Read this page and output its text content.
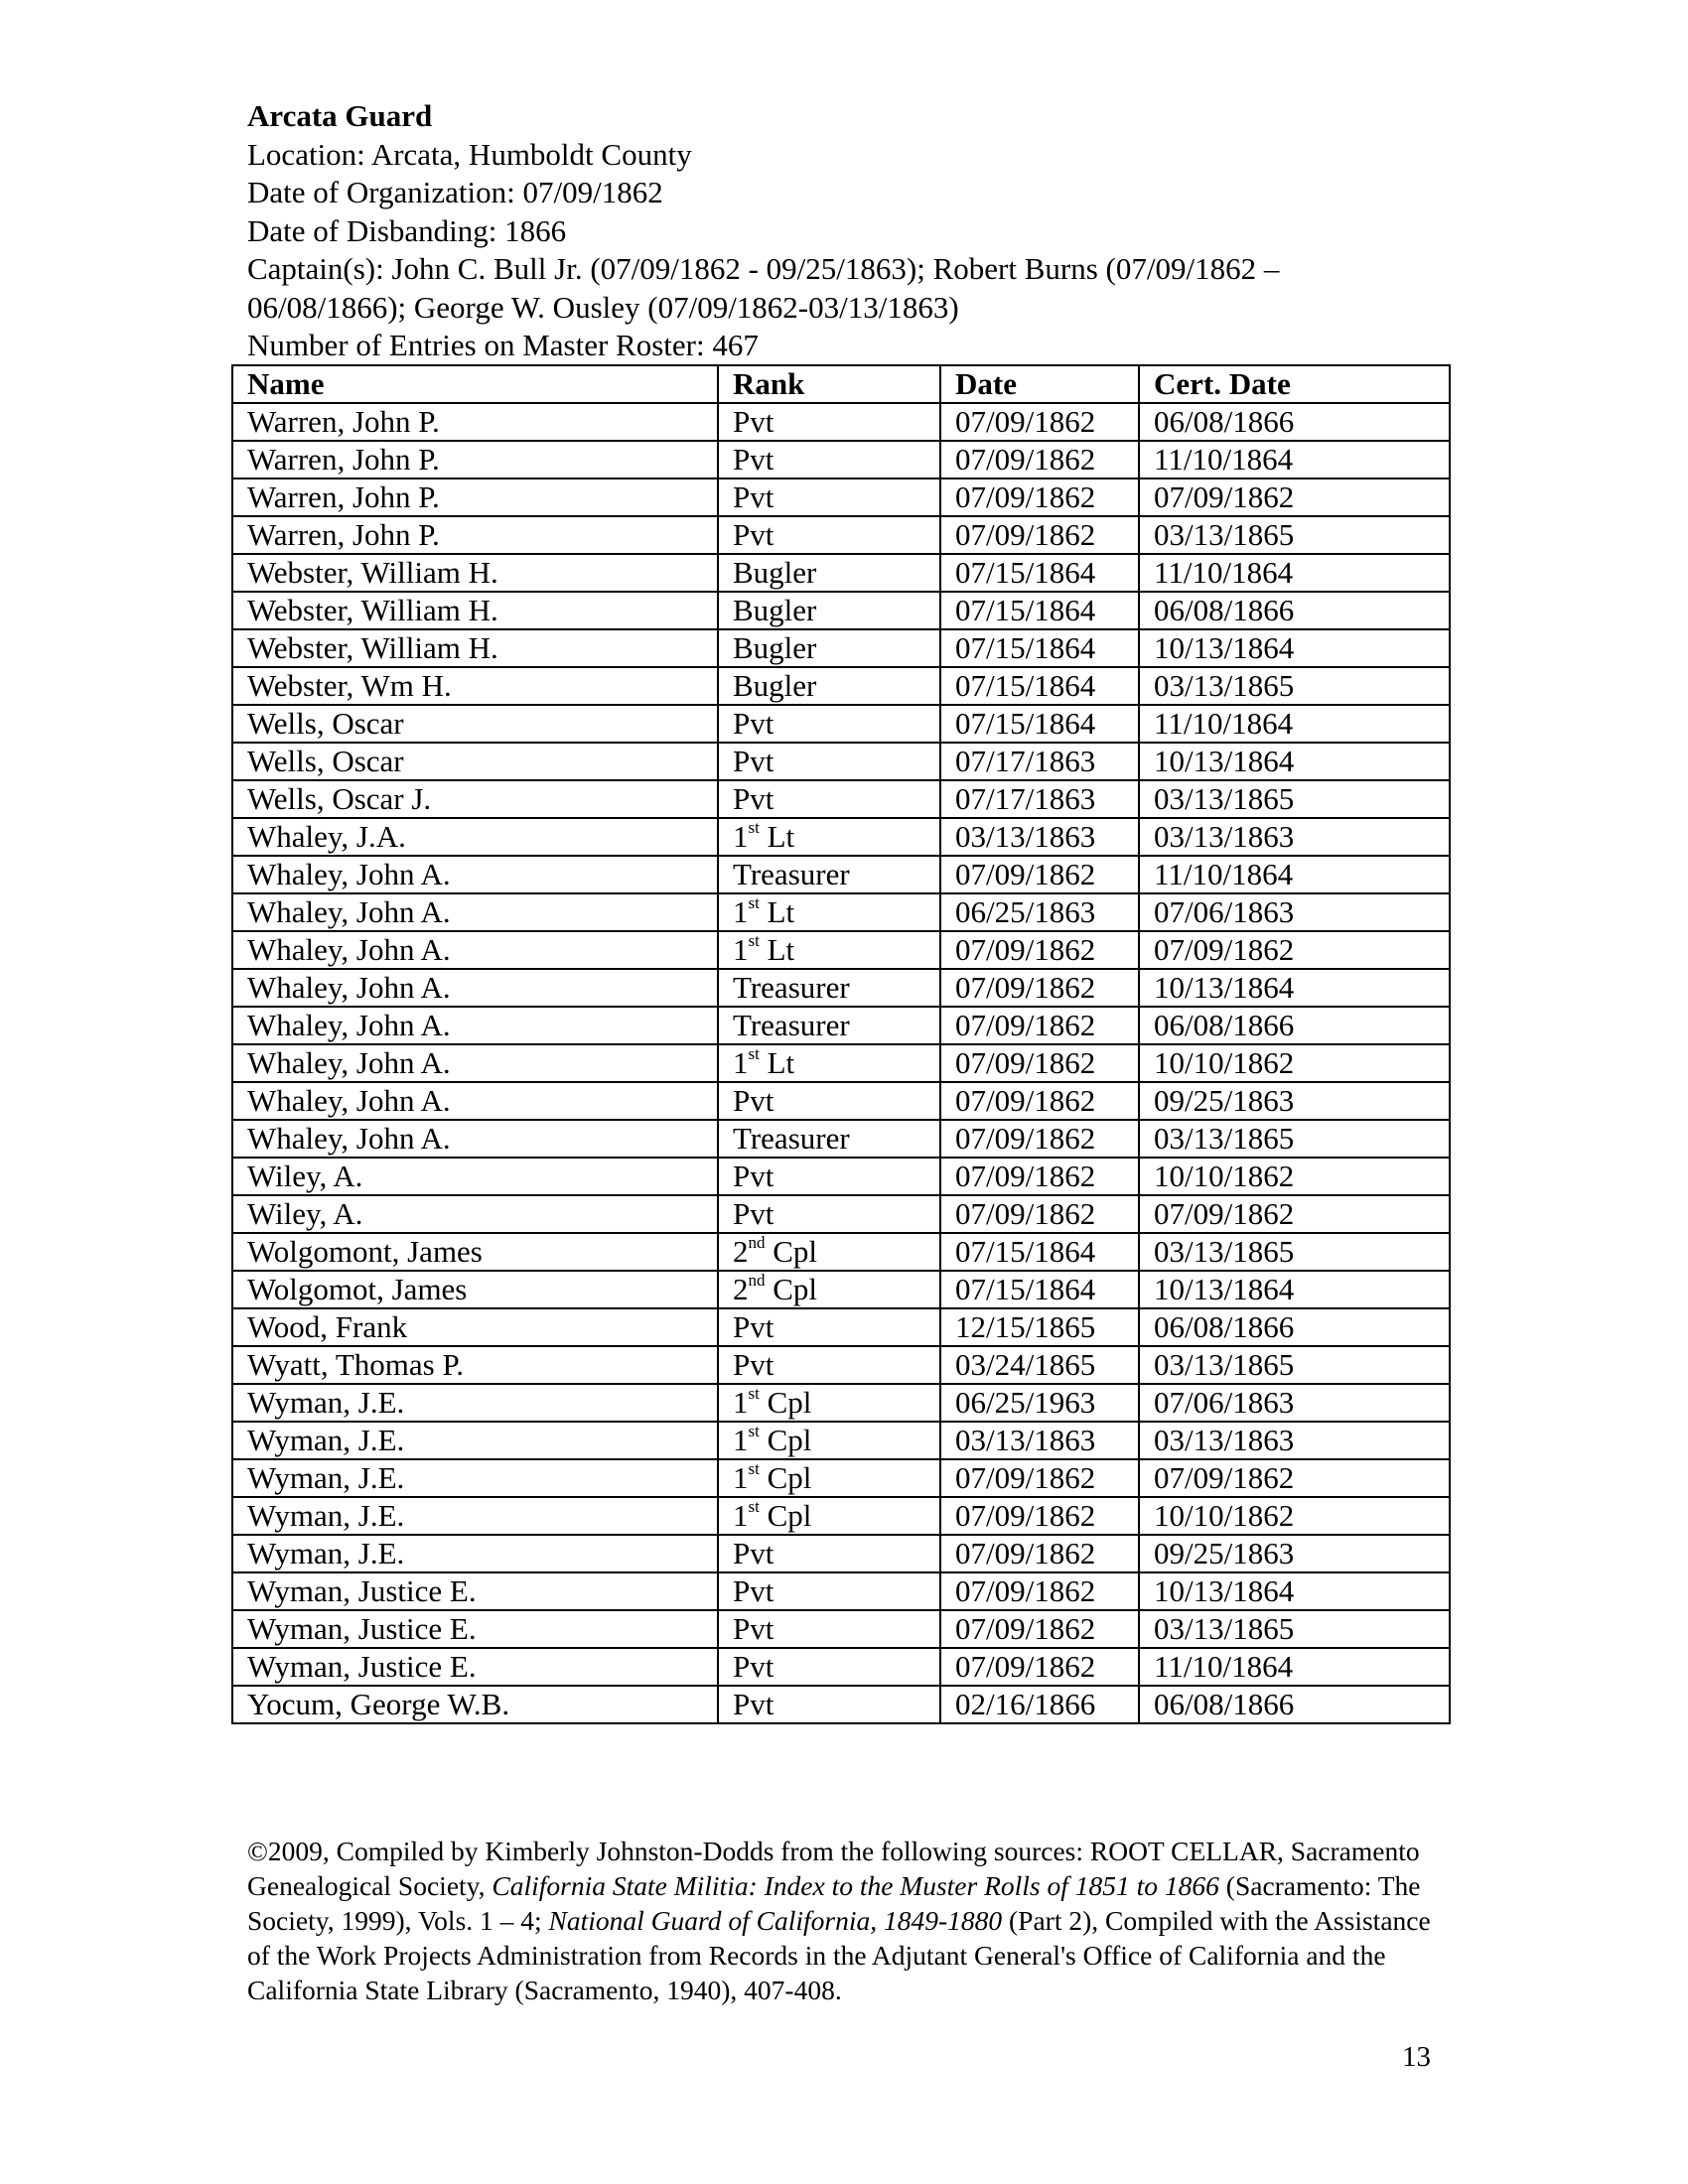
Arcata Guard
Location: Arcata, Humboldt County
Date of Organization: 07/09/1862
Date of Disbanding: 1866
Captain(s): John C. Bull Jr. (07/09/1862 - 09/25/1863); Robert Burns (07/09/1862 –
06/08/1866); George W. Ousley (07/09/1862-03/13/1863)
Number of Entries on Master Roster: 467
Name	Rank	Date	Cert. Date
Warren, John P.	Pvt	07/09/1862	06/08/1866
Warren, John P.	Pvt	07/09/1862	11/10/1864
Warren, John P.	Pvt	07/09/1862	07/09/1862
Warren, John P.	Pvt	07/09/1862	03/13/1865
Webster, William H.	Bugler	07/15/1864	11/10/1864
Webster, William H.	Bugler	07/15/1864	06/08/1866
Webster, William H.	Bugler	07/15/1864	10/13/1864
Webster, Wm H.	Bugler	07/15/1864	03/13/1865
Wells, Oscar	Pvt	07/15/1864	11/10/1864
Wells, Oscar	Pvt	07/17/1863	10/13/1864
Wells, Oscar J.	Pvt	07/17/1863	03/13/1865
Whaley, J.A.	1st Lt	03/13/1863	03/13/1863
Whaley, John A.	Treasurer	07/09/1862	11/10/1864
Whaley, John A.	1st Lt	06/25/1863	07/06/1863
Whaley, John A.	1st Lt	07/09/1862	07/09/1862
Whaley, John A.	Treasurer	07/09/1862	10/13/1864
Whaley, John A.	Treasurer	07/09/1862	06/08/1866
Whaley, John A.	1st Lt	07/09/1862	10/10/1862
Whaley, John A.	Pvt	07/09/1862	09/25/1863
Whaley, John A.	Treasurer	07/09/1862	03/13/1865
Wiley, A.	Pvt	07/09/1862	10/10/1862
Wiley, A.	Pvt	07/09/1862	07/09/1862
Wolgomont, James	2nd Cpl	07/15/1864	03/13/1865
Wolgomot, James	2nd Cpl	07/15/1864	10/13/1864
Wood, Frank	Pvt	12/15/1865	06/08/1866
Wyatt, Thomas P.	Pvt	03/24/1865	03/13/1865
Wyman, J.E.	1st Cpl	06/25/1963	07/06/1863
Wyman, J.E.	1st Cpl	03/13/1863	03/13/1863
Wyman, J.E.	1st Cpl	07/09/1862	07/09/1862
Wyman, J.E.	1st Cpl	07/09/1862	10/10/1862
Wyman, J.E.	Pvt	07/09/1862	09/25/1863
Wyman, Justice E.	Pvt	07/09/1862	10/13/1864
Wyman, Justice E.	Pvt	07/09/1862	03/13/1865
Wyman, Justice E.	Pvt	07/09/1862	11/10/1864
Yocum, George W.B.	Pvt	02/16/1866	06/08/1866
©2009, Compiled by Kimberly Johnston-Dodds from the following sources: ROOT CELLAR, Sacramento Genealogical Society, California State Militia: Index to the Muster Rolls of 1851 to 1866 (Sacramento: The Society, 1999), Vols. 1 – 4; National Guard of California, 1849-1880 (Part 2), Compiled with the Assistance of the Work Projects Administration from Records in the Adjutant General's Office of California and the California State Library (Sacramento, 1940), 407-408.
13
